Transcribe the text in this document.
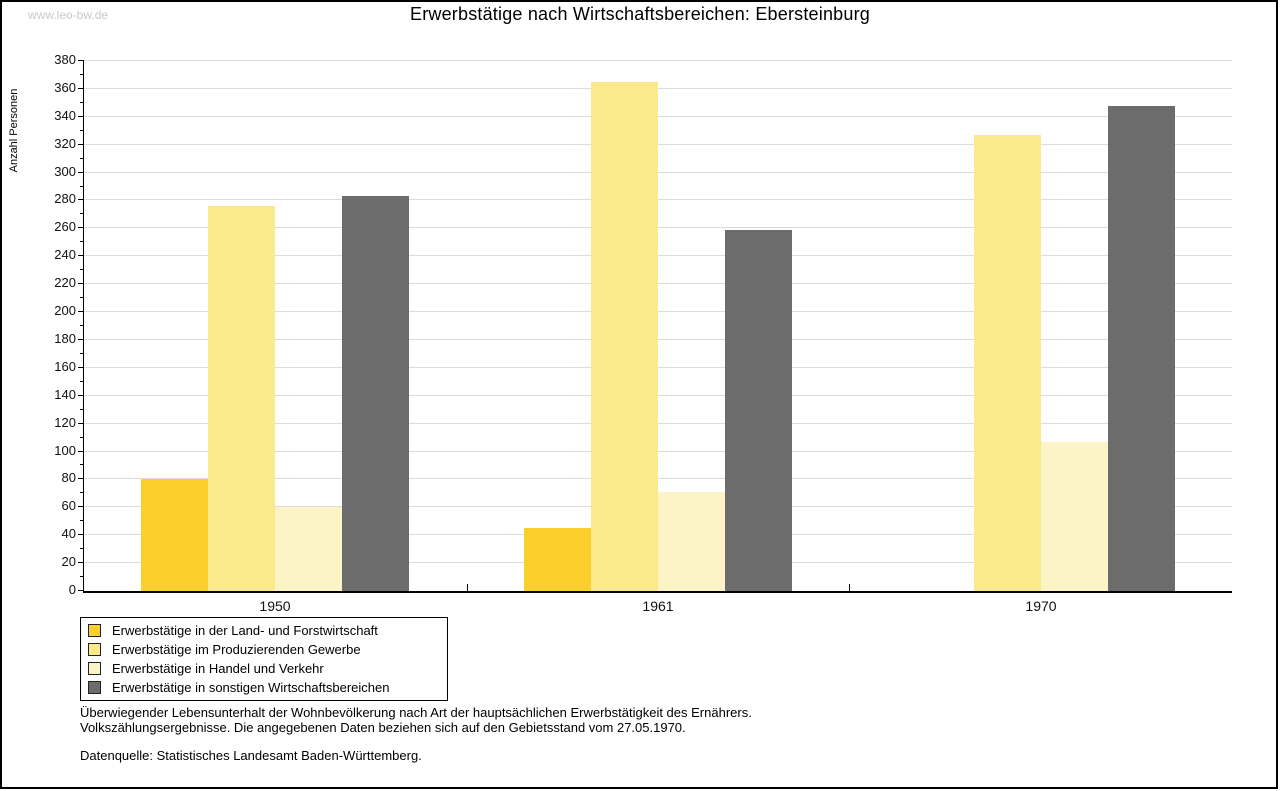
www.leo-bw.de	Erwerbstätige nach Wirtschaftsbereichen: Ebersteinburg
Anzahl Personen
0
20
40
60
80
100
120
140
160
180
200
220
240
260
280
300
320
340
360
380
1950	1961	1970
Erwerbstätige in der Land- und Forstwirtschaft
Erwerbstätige im Produzierenden Gewerbe
Erwerbstätige in Handel und Verkehr
Erwerbstätige in sonstigen Wirtschaftsbereichen
Überwiegender Lebensunterhalt der Wohnbevölkerung nach Art der hauptsächlichen Erwerbstätigkeit des Ernährers.
Volkszählungsergebnisse. Die angegebenen Daten beziehen sich auf den Gebietsstand vom 27.05.1970.
Datenquelle: Statistisches Landesamt Baden-Württemberg.
